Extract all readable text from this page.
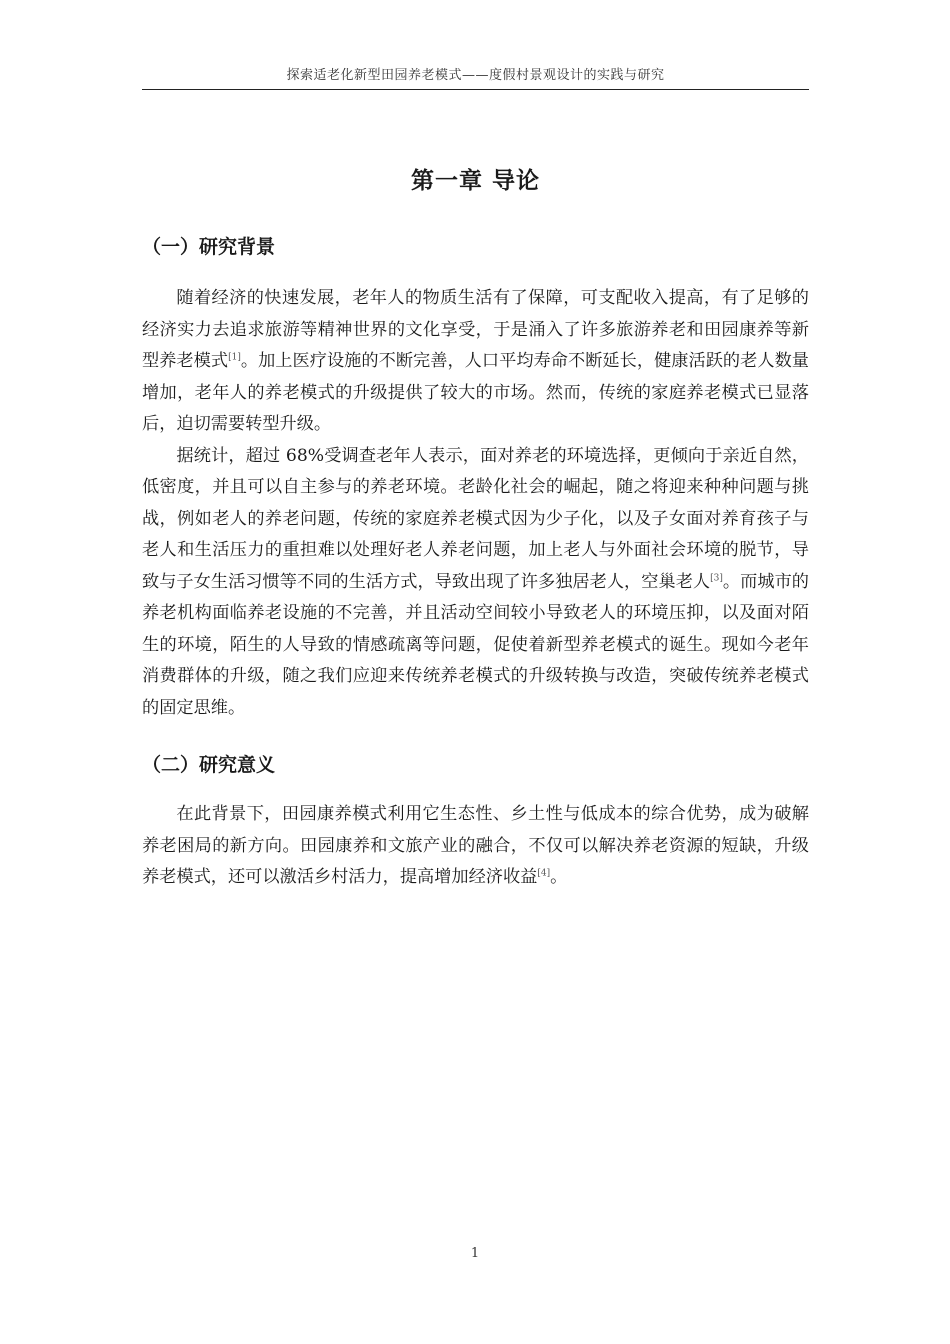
探索适老化新型田园养老模式——度假村景观设计的实践与研究
第一章 导论
（一）研究背景

随着经济的快速发展，老年人的物质生活有了保障，可支配收入提高，有了足够的经济实力去追求旅游等精神世界的文化享受，于是涌入了许多旅游养老和田园康养等新型养老模式[1]。加上医疗设施的不断完善，人口平均寿命不断延长，健康活跃的老人数量增加，老年人的养老模式的升级提供了较大的市场。然而，传统的家庭养老模式已显落后，迫切需要转型升级。

据统计，超过 68%受调查老年人表示，面对养老的环境选择，更倾向于亲近自然，低密度，并且可以自主参与的养老环境。老龄化社会的崛起，随之将迎来种种问题与挑战，例如老人的养老问题，传统的家庭养老模式因为少子化，以及子女面对养育孩子与老人和生活压力的重担难以处理好老人养老问题，加上老人与外面社会环境的脱节，导致与子女生活习惯等不同的生活方式，导致出现了许多独居老人，空巢老人[3]。而城市的养老机构面临养老设施的不完善，并且活动空间较小导致老人的环境压抑，以及面对陌生的环境，陌生的人导致的情感疏离等问题，促使着新型养老模式的诞生。现如今老年消费群体的升级，随之我们应迎来传统养老模式的升级转换与改造，突破传统养老模式的固定思维。

（二）研究意义

在此背景下，田园康养模式利用它生态性、乡土性与低成本的综合优势，成为破解养老困局的新方向。田园康养和文旅产业的融合，不仅可以解决养老资源的短缺，升级养老模式，还可以激活乡村活力，提高增加经济收益[4]。

1
